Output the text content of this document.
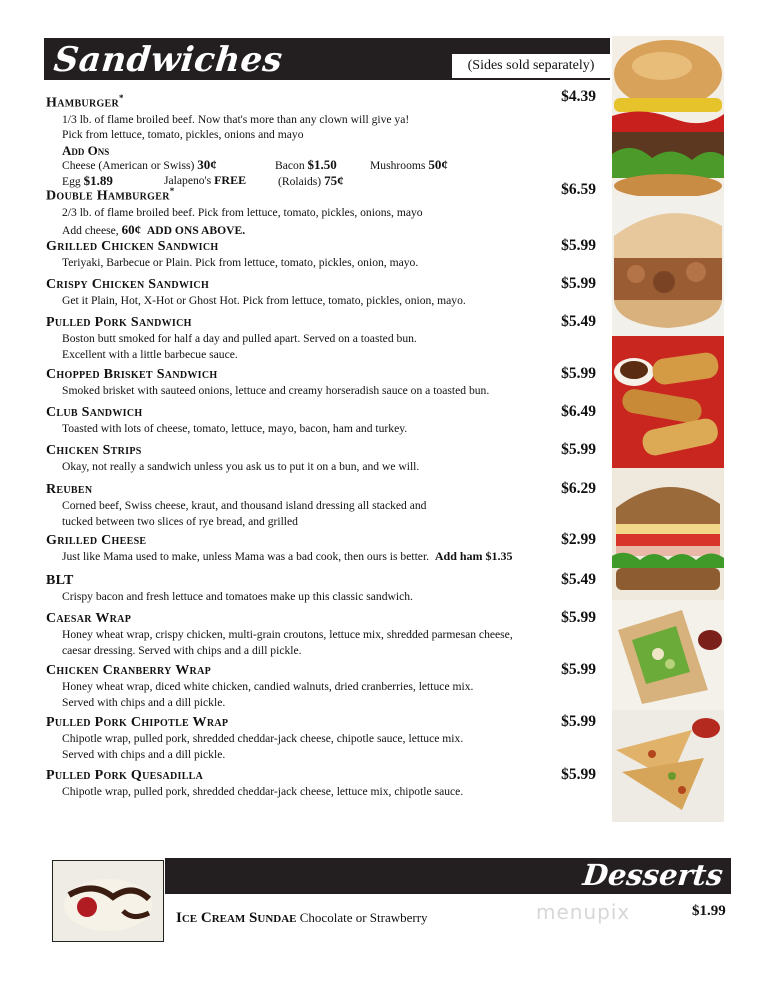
Sandwiches	(Sides sold separately)
Hamburger*	$4.39
1/3 lb. of flame broiled beef. Now that's more than any clown will give ya!
Pick from lettuce, tomato, pickles, onions and mayo
Add Ons
Cheese (American or Swiss) 30¢	Bacon $1.50	Mushrooms 50¢
Egg $1.89	Jalapeno's FREE	(Rolaids) 75¢
Double Hamburger*	$6.59
2/3 lb. of flame broiled beef. Pick from lettuce, tomato, pickles, onions, mayo
Add cheese, 60¢ ADD ONS ABOVE.
Grilled Chicken Sandwich	$5.99
Teriyaki, Barbecue or Plain. Pick from lettuce, tomato, pickles, onion, mayo.
Crispy Chicken Sandwich	$5.99
Get it Plain, Hot, X-Hot or Ghost Hot. Pick from lettuce, tomato, pickles, onion, mayo.
Pulled Pork Sandwich	$5.49
Boston butt smoked for half a day and pulled apart. Served on a toasted bun.
Excellent with a little barbecue sauce.
Chopped Brisket Sandwich	$5.99
Smoked brisket with sauteed onions, lettuce and creamy horseradish sauce on a toasted bun.
Club Sandwich	$6.49
Toasted with lots of cheese, tomato, lettuce, mayo, bacon, ham and turkey.
Chicken Strips	$5.99
Okay, not really a sandwich unless you ask us to put it on a bun, and we will.
Reuben	$6.29
Corned beef, Swiss cheese, kraut, and thousand island dressing all stacked and
tucked between two slices of rye bread, and grilled
Grilled Cheese	$2.99
Just like Mama used to make, unless Mama was a bad cook, then ours is better. Add ham $1.35
BLT	$5.49
Crispy bacon and fresh lettuce and tomatoes make up this classic sandwich.
Caesar Wrap	$5.99
Honey wheat wrap, crispy chicken, multi-grain croutons, lettuce mix, shredded parmesan cheese,
caesar dressing. Served with chips and a dill pickle.
Chicken Cranberry Wrap	$5.99
Honey wheat wrap, diced white chicken, candied walnuts, dried cranberries, lettuce mix.
Served with chips and a dill pickle.
Pulled Pork Chipotle Wrap	$5.99
Chipotle wrap, pulled pork, shredded cheddar-jack cheese, chipotle sauce, lettuce mix.
Served with chips and a dill pickle.
Pulled Pork Quesadilla	$5.99
Chipotle wrap, pulled pork, shredded cheddar-jack cheese, lettuce mix, chipotle sauce.
Desserts
Ice Cream Sundae Chocolate or Strawberry	menupix	$1.99
